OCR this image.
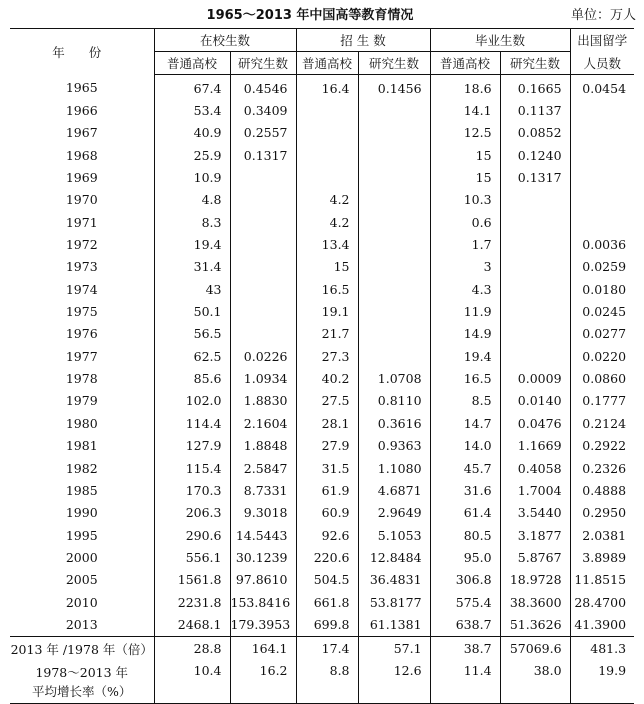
1965～2013 年中国高等教育情况	单位：万人
年 份	在校生数		招 生 数		毕业生数		出国留学
	普通高校	研究生数	普通高校	研究生数	普通高校	研究生数	人员数
1965	67.4	0.4546	16.4	0.1456	18.6	0.1665	0.0454
1966	53.4	0.3409			14.1	0.1137	
1967	40.9	0.2557			12.5	0.0852	
1968	25.9	0.1317			15	0.1240	
1969	10.9				15	0.1317	
1970	4.8		4.2		10.3		
1971	8.3		4.2		0.6		
1972	19.4		13.4		1.7		0.0036
1973	31.4		15		3		0.0259
1974	43		16.5		4.3		0.0180
1975	50.1		19.1		11.9		0.0245
1976	56.5		21.7		14.9		0.0277
1977	62.5	0.0226	27.3		19.4		0.0220
1978	85.6	1.0934	40.2	1.0708	16.5	0.0009	0.0860
1979	102.0	1.8830	27.5	0.8110	8.5	0.0140	0.1777
1980	114.4	2.1604	28.1	0.3616	14.7	0.0476	0.2124
1981	127.9	1.8848	27.9	0.9363	14.0	1.1669	0.2922
1982	115.4	2.5847	31.5	1.1080	45.7	0.4058	0.2326
1985	170.3	8.7331	61.9	4.6871	31.6	1.7004	0.4888
1990	206.3	9.3018	60.9	2.9649	61.4	3.5440	0.2950
1995	290.6	14.5443	92.6	5.1053	80.5	3.1877	2.0381
2000	556.1	30.1239	220.6	12.8484	95.0	5.8767	3.8989
2005	1561.8	97.8610	504.5	36.4831	306.8	18.9728	11.8515
2010	2231.8	153.8416	661.8	53.8177	575.4	38.3600	28.4700
2013	2468.1	179.3953	699.8	61.1381	638.7	51.3626	41.3900
2013 年 /1978 年（倍）	28.8	164.1	17.4	57.1	38.7	57069.6	481.3

1978～2013 年
平均增长率（%）	10.4	16.2	8.8	12.6	11.4	38.0	19.9
